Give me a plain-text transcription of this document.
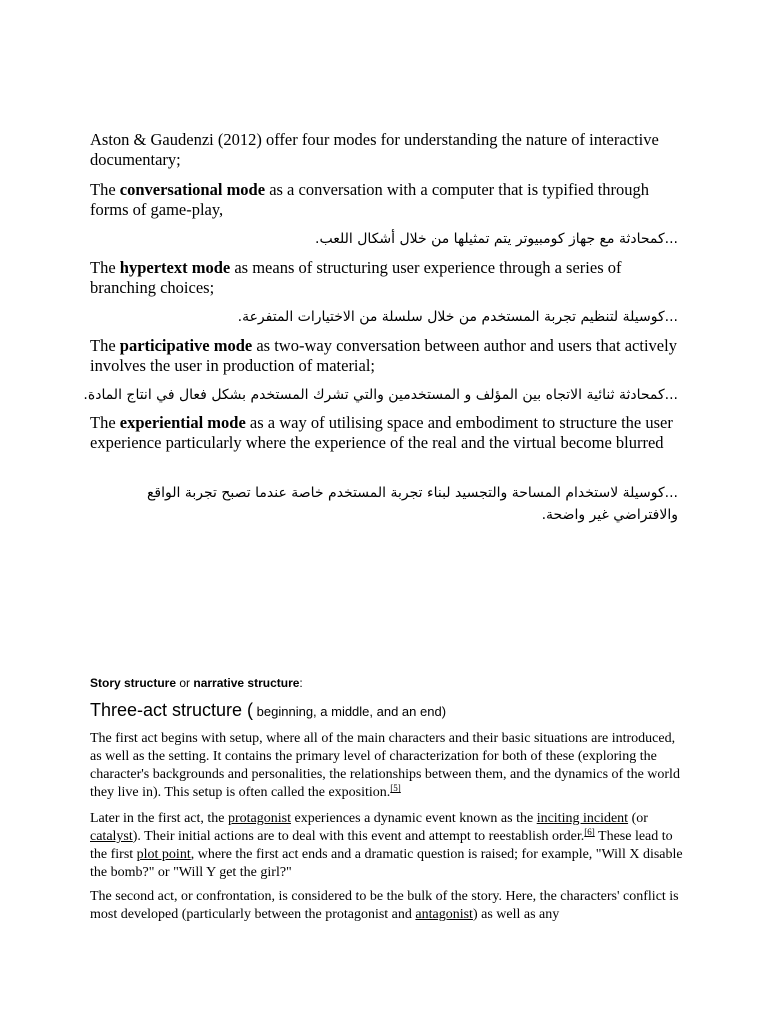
Aston & Gaudenzi (2012) offer four modes for understanding the nature of interactive documentary;

The conversational mode as a conversation with a computer that is typified through forms of game-play,

...كمحادثة مع جهاز كومبيوتر يتم تمثيلها من خلال أشكال اللعب.

The hypertext mode as means of structuring user experience through a series of branching choices;

...كوسيلة لتنظيم تجربة المستخدم من خلال سلسلة من الاختيارات المتفرعة.

The participative mode as two-way conversation between author and users that actively involves the user in production of material;

...كمحادثة ثنائية الاتجاه بين المؤلف و المستخدمين والتي تشرك المستخدم بشكل فعال في انتاج المادة.

The experiential mode as a way of utilising space and embodiment to structure the user experience particularly where the experience of the real and the virtual become blurred

...كوسيلة لاستخدام المساحة والتجسيد لبناء تجربة المستخدم خاصة عندما تصبح تجربة الواقع والافتراضي غير واضحة.

Story structure or narrative structure:

Three-act structure ( beginning, a middle, and an end)

The first act begins with setup, where all of the main characters and their basic situations are introduced, as well as the setting. It contains the primary level of characterization for both of these (exploring the character's backgrounds and personalities, the relationships between them, and the dynamics of the world they live in). This setup is often called the exposition.[5]

Later in the first act, the protagonist experiences a dynamic event known as the inciting incident (or catalyst). Their initial actions are to deal with this event and attempt to reestablish order.[6] These lead to the first plot point, where the first act ends and a dramatic question is raised; for example, "Will X disable the bomb?" or "Will Y get the girl?"

The second act, or confrontation, is considered to be the bulk of the story. Here, the characters' conflict is most developed (particularly between the protagonist and antagonist) as well as any
